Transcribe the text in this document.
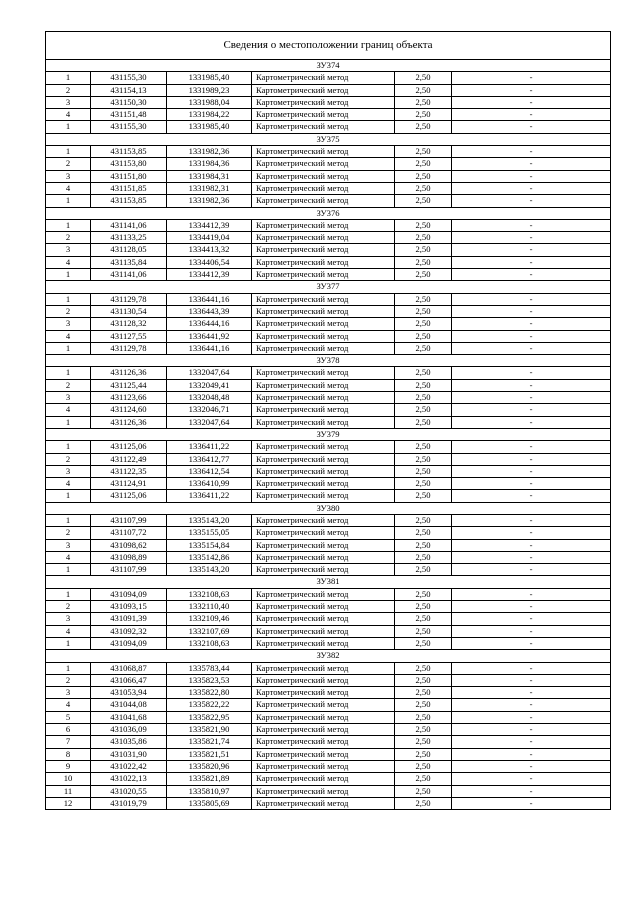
Сведения о местоположении границ объекта					
ЗУ374					
1	431155,30	1331985,40	Картометрический метод	2,50	-
2	431154,13	1331989,23	Картометрический метод	2,50	-
3	431150,30	1331988,04	Картометрический метод	2,50	-
4	431151,48	1331984,22	Картометрический метод	2,50	-
1	431155,30	1331985,40	Картометрический метод	2,50	-
ЗУ375					
1	431153,85	1331982,36	Картометрический метод	2,50	-
2	431153,80	1331984,36	Картометрический метод	2,50	-
3	431151,80	1331984,31	Картометрический метод	2,50	-
4	431151,85	1331982,31	Картометрический метод	2,50	-
1	431153,85	1331982,36	Картометрический метод	2,50	-
ЗУ376					
1	431141,06	1334412,39	Картометрический метод	2,50	-
2	431133,25	1334419,04	Картометрический метод	2,50	-
3	431128,05	1334413,32	Картометрический метод	2,50	-
4	431135,84	1334406,54	Картометрический метод	2,50	-
1	431141,06	1334412,39	Картометрический метод	2,50	-
ЗУ377					
1	431129,78	1336441,16	Картометрический метод	2,50	-
2	431130,54	1336443,39	Картометрический метод	2,50	-
3	431128,32	1336444,16	Картометрический метод	2,50	-
4	431127,55	1336441,92	Картометрический метод	2,50	-
1	431129,78	1336441,16	Картометрический метод	2,50	-
ЗУ378					
1	431126,36	1332047,64	Картометрический метод	2,50	-
2	431125,44	1332049,41	Картометрический метод	2,50	-
3	431123,66	1332048,48	Картометрический метод	2,50	-
4	431124,60	1332046,71	Картометрический метод	2,50	-
1	431126,36	1332047,64	Картометрический метод	2,50	-
ЗУ379					
1	431125,06	1336411,22	Картометрический метод	2,50	-
2	431122,49	1336412,77	Картометрический метод	2,50	-
3	431122,35	1336412,54	Картометрический метод	2,50	-
4	431124,91	1336410,99	Картометрический метод	2,50	-
1	431125,06	1336411,22	Картометрический метод	2,50	-
ЗУ380					
1	431107,99	1335143,20	Картометрический метод	2,50	-
2	431107,72	1335155,05	Картометрический метод	2,50	-
3	431098,62	1335154,84	Картометрический метод	2,50	-
4	431098,89	1335142,86	Картометрический метод	2,50	-
1	431107,99	1335143,20	Картометрический метод	2,50	-
ЗУ381					
1	431094,09	1332108,63	Картометрический метод	2,50	-
2	431093,15	1332110,40	Картометрический метод	2,50	-
3	431091,39	1332109,46	Картометрический метод	2,50	-
4	431092,32	1332107,69	Картометрический метод	2,50	-
1	431094,09	1332108,63	Картометрический метод	2,50	-
ЗУ382					
1	431068,87	1335783,44	Картометрический метод	2,50	-
2	431066,47	1335823,53	Картометрический метод	2,50	-
3	431053,94	1335822,80	Картометрический метод	2,50	-
4	431044,08	1335822,22	Картометрический метод	2,50	-
5	431041,68	1335822,95	Картометрический метод	2,50	-
6	431036,09	1335821,90	Картометрический метод	2,50	-
7	431035,86	1335821,74	Картометрический метод	2,50	-
8	431031,90	1335821,51	Картометрический метод	2,50	-
9	431022,42	1335820,96	Картометрический метод	2,50	-
10	431022,13	1335821,89	Картометрический метод	2,50	-
11	431020,55	1335810,97	Картометрический метод	2,50	-
12	431019,79	1335805,69	Картометрический метод	2,50	-
